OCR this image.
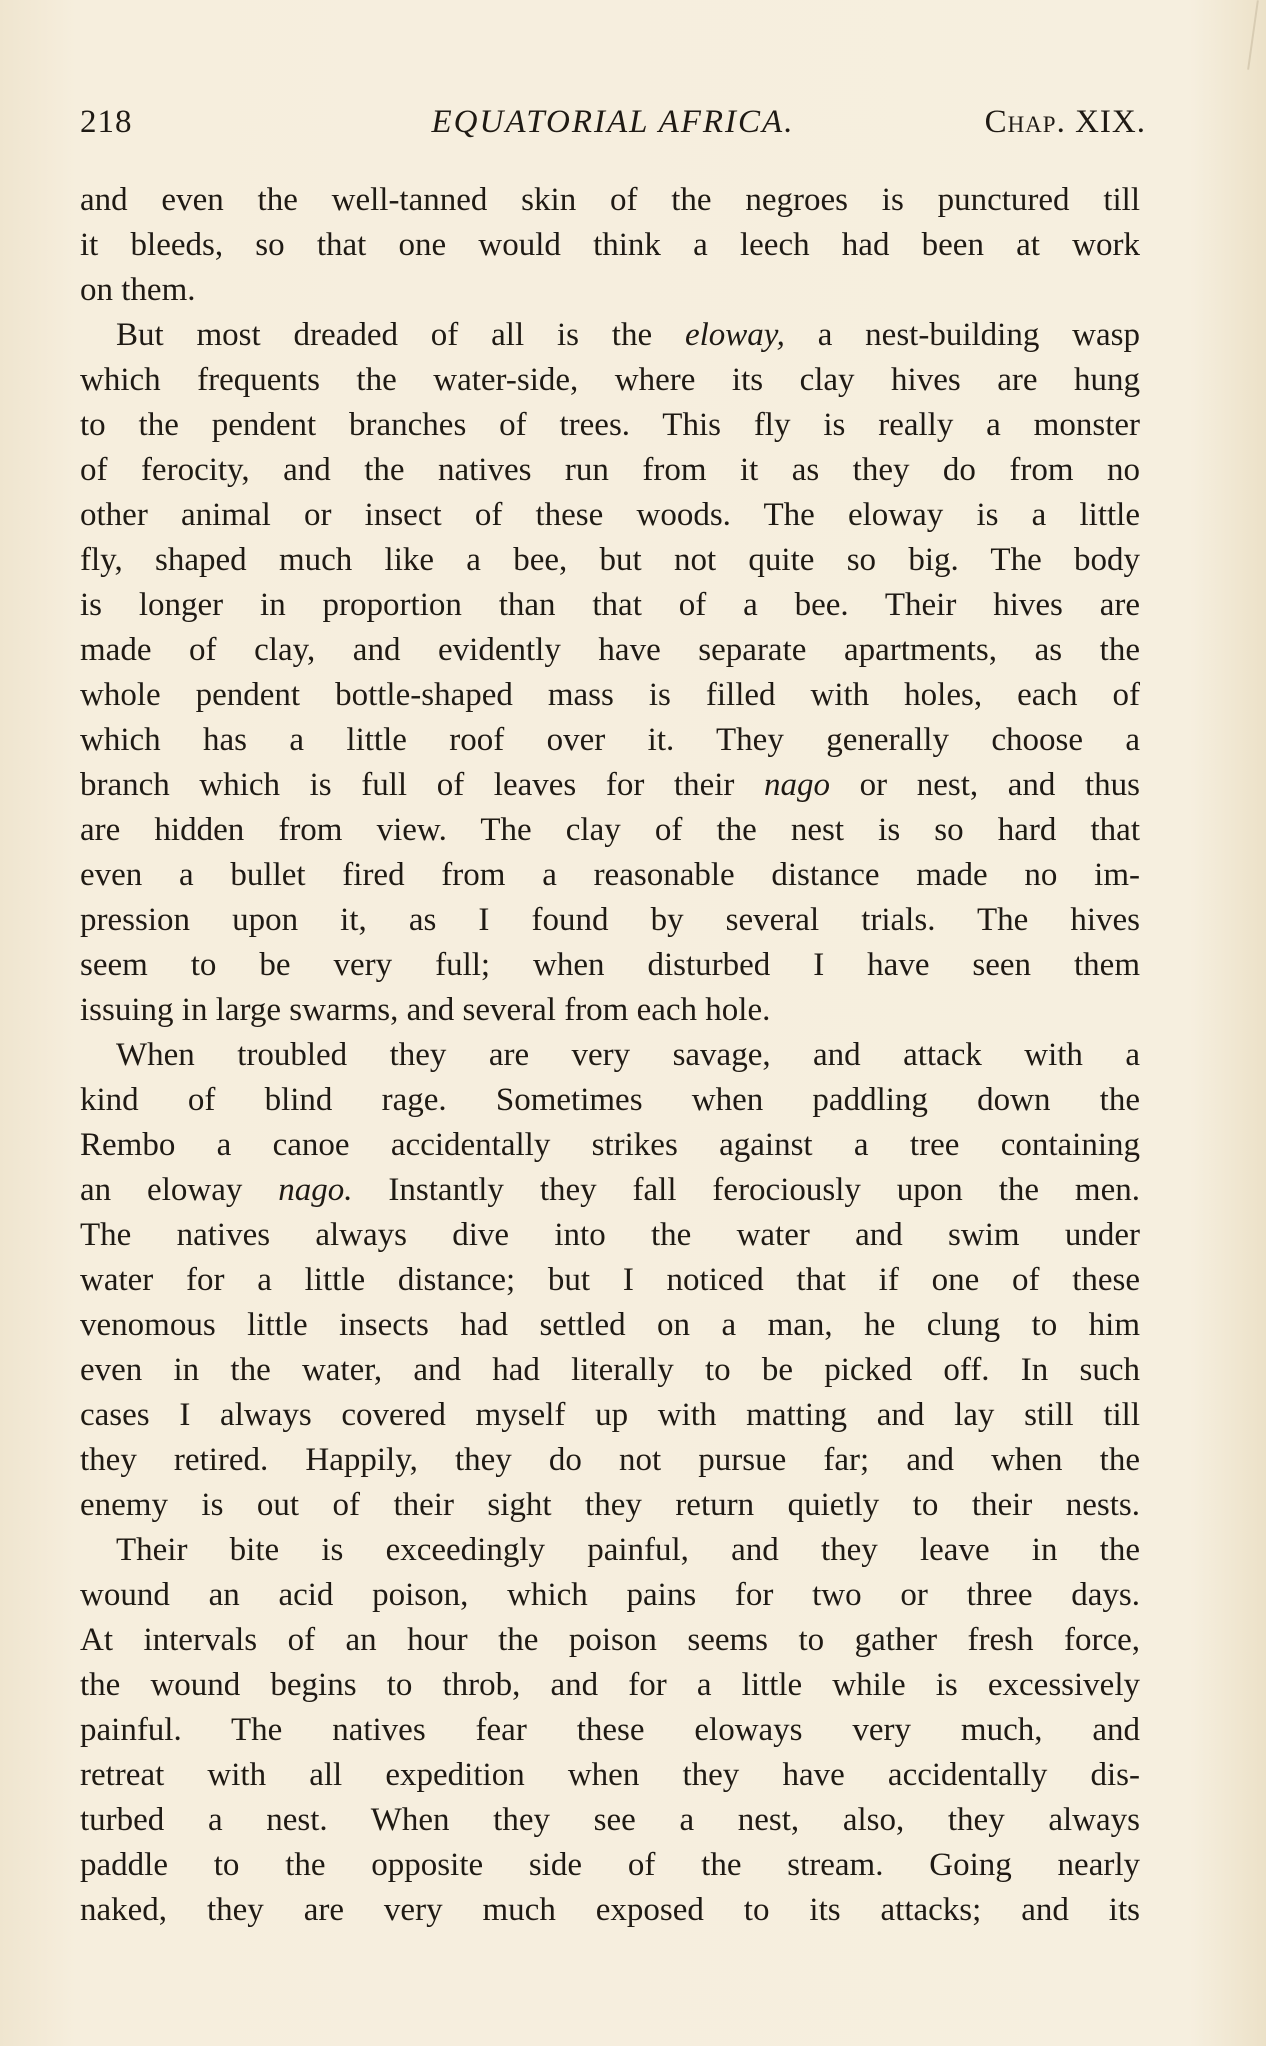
218	EQUATORIAL AFRICA.	Chap. XIX.
and even the well-tanned skin of the negroes is punctured till
it bleeds, so that one would think a leech had been at work
on them.
But most dreaded of all is the eloway, a nest-building wasp
which frequents the water-side, where its clay hives are hung
to the pendent branches of trees. This fly is really a monster
of ferocity, and the natives run from it as they do from no
other animal or insect of these woods. The eloway is a little
fly, shaped much like a bee, but not quite so big. The body
is longer in proportion than that of a bee. Their hives are
made of clay, and evidently have separate apartments, as the
whole pendent bottle-shaped mass is filled with holes, each of
which has a little roof over it. They generally choose a
branch which is full of leaves for their nago or nest, and thus
are hidden from view. The clay of the nest is so hard that
even a bullet fired from a reasonable distance made no im-
pression upon it, as I found by several trials. The hives
seem to be very full; when disturbed I have seen them
issuing in large swarms, and several from each hole.
When troubled they are very savage, and attack with a
kind of blind rage. Sometimes when paddling down the
Rembo a canoe accidentally strikes against a tree containing
an eloway nago. Instantly they fall ferociously upon the men.
The natives always dive into the water and swim under
water for a little distance; but I noticed that if one of these
venomous little insects had settled on a man, he clung to him
even in the water, and had literally to be picked off. In such
cases I always covered myself up with matting and lay still till
they retired. Happily, they do not pursue far; and when the
enemy is out of their sight they return quietly to their nests.
Their bite is exceedingly painful, and they leave in the
wound an acid poison, which pains for two or three days.
At intervals of an hour the poison seems to gather fresh force,
the wound begins to throb, and for a little while is excessively
painful. The natives fear these eloways very much, and
retreat with all expedition when they have accidentally dis-
turbed a nest. When they see a nest, also, they always
paddle to the opposite side of the stream. Going nearly
naked, they are very much exposed to its attacks; and its
